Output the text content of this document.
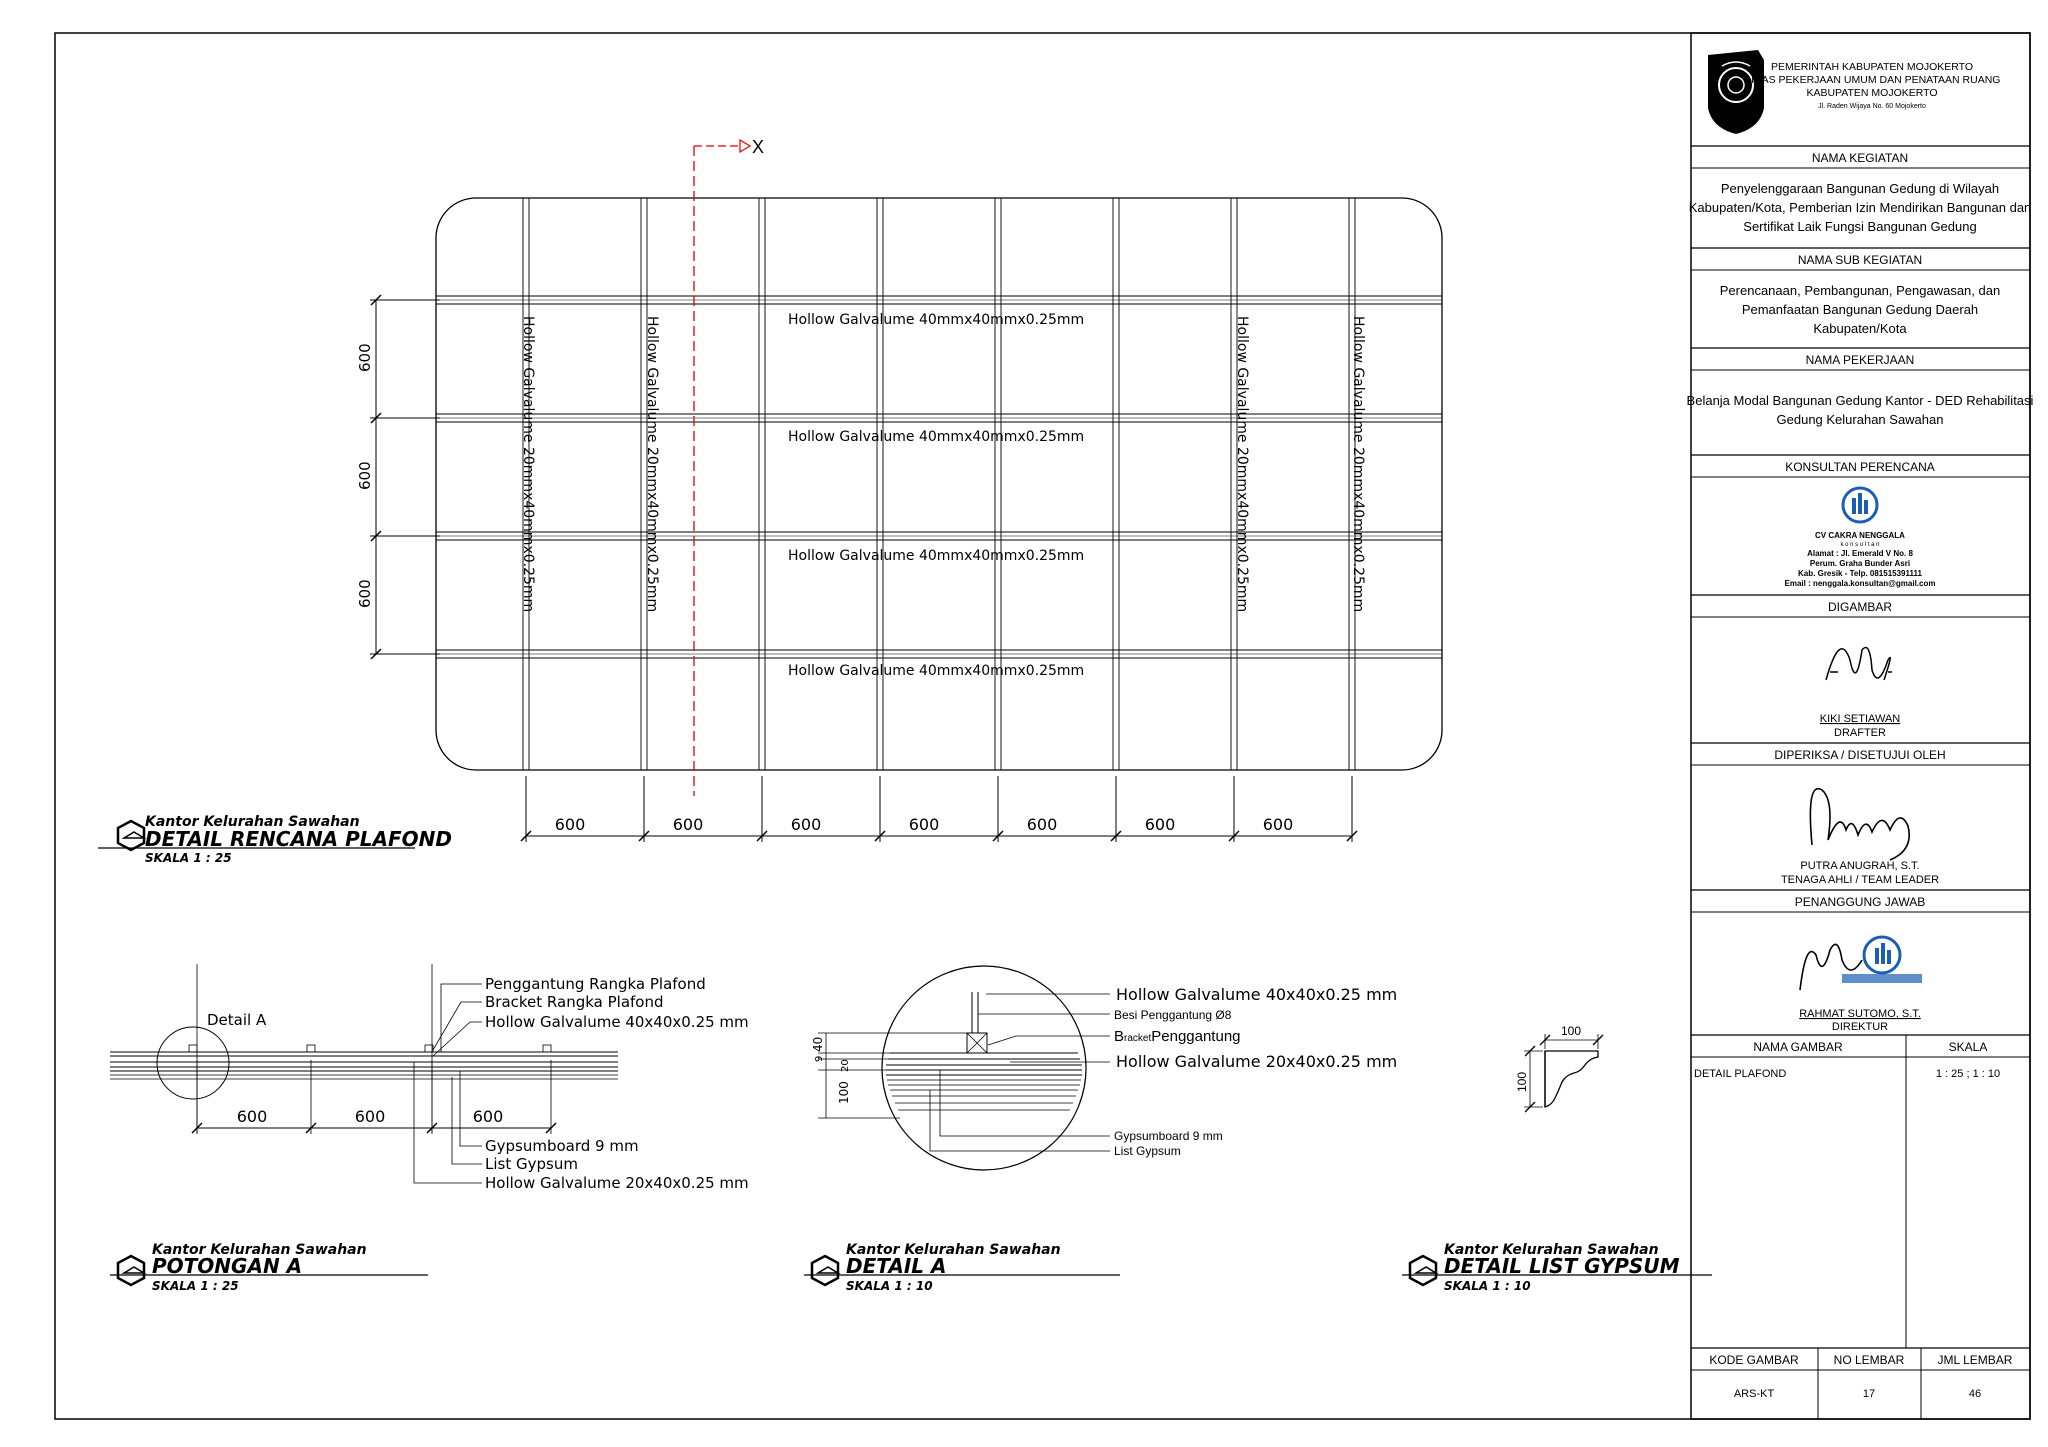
X
Hollow Galvalume 40mmx40mmx0.25mm
Hollow Galvalume 40mmx40mmx0.25mm
Hollow Galvalume 40mmx40mmx0.25mm
Hollow Galvalume 40mmx40mmx0.25mm
Hollow Galvalume 20mmx40mmx0.25mm	Hollow Galvalume 20mmx40mmx0.25mm	Hollow Galvalume 20mmx40mmx0.25mm	Hollow Galvalume 20mmx40mmx0.25mm
600
600
600
600	600	600	600	600	600	600
Kantor Kelurahan Sawahan
DETAIL RENCANA PLAFOND
SKALA 1 : 25
Detail A
600	600	600
Penggantung Rangka Plafond
Bracket Rangka Plafond
Hollow Galvalume 40x40x0.25 mm
Gypsumboard 9 mm
List Gypsum
Hollow Galvalume 20x40x0.25 mm
Kantor Kelurahan Sawahan
POTONGAN A
SKALA 1 : 25
40
9
20
100
Hollow Galvalume 40x40x0.25 mm
Besi Penggantung Ø8
BracketPenggantung
Hollow Galvalume 20x40x0.25 mm
Gypsumboard 9 mm
List Gypsum
Kantor Kelurahan Sawahan
DETAIL A
SKALA 1 : 10
100
100
Kantor Kelurahan Sawahan
DETAIL LIST GYPSUM
SKALA 1 : 10
PEMERINTAH KABUPATEN MOJOKERTO
DINAS PEKERJAAN UMUM DAN PENATAAN RUANG
KABUPATEN MOJOKERTO
Jl. Raden Wijaya No. 60 Mojokerto
NAMA KEGIATAN
Penyelenggaraan Bangunan Gedung di Wilayah
Kabupaten/Kota, Pemberian Izin Mendirikan Bangunan dan
Sertifikat Laik Fungsi Bangunan Gedung
NAMA SUB KEGIATAN
Perencanaan, Pembangunan, Pengawasan, dan
Pemanfaatan Bangunan Gedung Daerah
Kabupaten/Kota
NAMA PEKERJAAN
Belanja Modal Bangunan Gedung Kantor - DED Rehabilitasi
Gedung Kelurahan Sawahan
KONSULTAN PERENCANA
CV CAKRA NENGGALA
k o n s u l t a n
Alamat : Jl. Emerald V No. 8
Perum. Graha Bunder Asri
Kab. Gresik - Telp. 081515391111
Email : nenggala.konsultan@gmail.com
DIGAMBAR
KIKI SETIAWAN
DRAFTER
DIPERIKSA / DISETUJUI OLEH
PUTRA ANUGRAH, S.T.
TENAGA AHLI / TEAM LEADER
PENANGGUNG JAWAB
RAHMAT SUTOMO, S.T.
DIREKTUR
NAMA GAMBAR	SKALA
DETAIL PLAFOND	1 : 25 ; 1 : 10
KODE GAMBAR	NO LEMBAR	JML LEMBAR
ARS-KT	17	46
